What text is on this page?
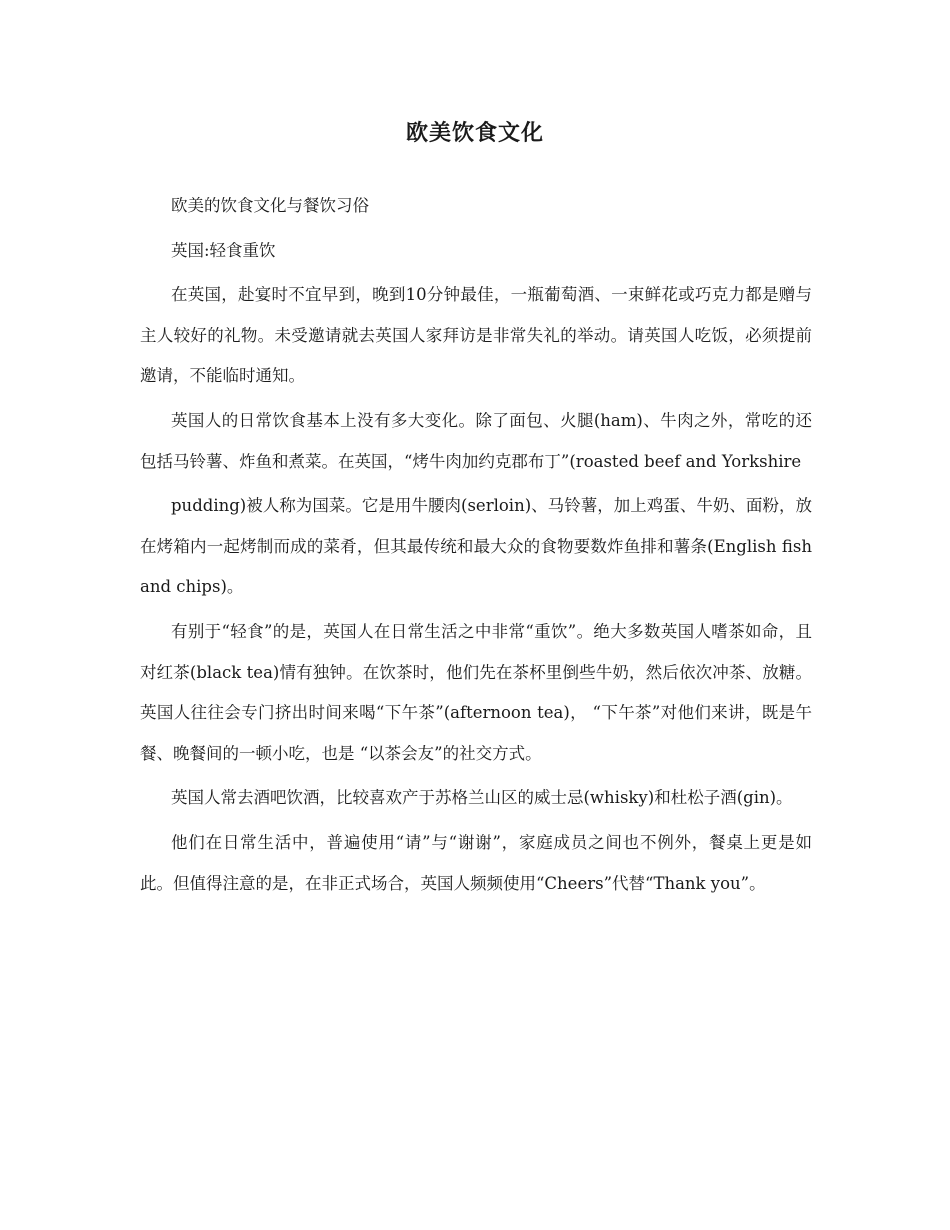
欧美饮食文化

欧美的饮食文化与餐饮习俗

英国:轻食重饮

在英国，赴宴时不宜早到，晚到10分钟最佳，一瓶葡萄酒、一束鲜花或巧克力都是赠与主人较好的礼物。未受邀请就去英国人家拜访是非常失礼的举动。请英国人吃饭，必须提前邀请，不能临时通知。

英国人的日常饮食基本上没有多大变化。除了面包、火腿(ham)、牛肉之外，常吃的还包括马铃薯、炸鱼和煮菜。在英国，“烤牛肉加约克郡布丁”(roasted beef and Yorkshire

pudding)被人称为国菜。它是用牛腰肉(serloin)、马铃薯，加上鸡蛋、牛奶、面粉，放在烤箱内一起烤制而成的菜肴，但其最传统和最大众的食物要数炸鱼排和薯条(English fish and chips)。

有别于“轻食”的是，英国人在日常生活之中非常“重饮”。绝大多数英国人嗜茶如命，且对红茶(black tea)情有独钟。在饮茶时，他们先在茶杯里倒些牛奶，然后依次冲茶、放糖。英国人往往会专门挤出时间来喝“下午茶”(afternoon tea)， “下午茶”对他们来讲，既是午餐、晚餐间的一顿小吃，也是 “以茶会友”的社交方式。

英国人常去酒吧饮酒，比较喜欢产于苏格兰山区的威士忌(whisky)和杜松子酒(gin)。

他们在日常生活中，普遍使用“请”与“谢谢”，家庭成员之间也不例外，餐桌上更是如此。但值得注意的是，在非正式场合，英国人频频使用“Cheers”代替“Thank you”。
